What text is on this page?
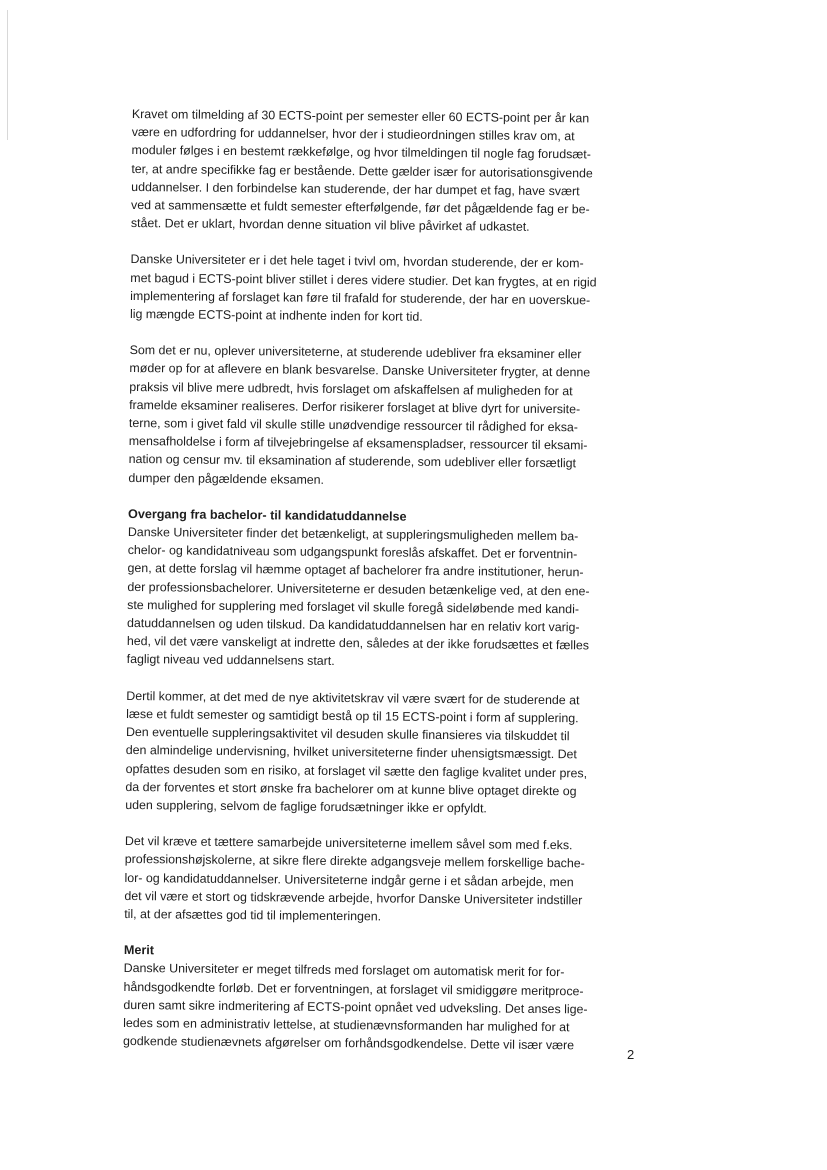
Kravet om tilmelding af 30 ECTS-point per semester eller 60 ECTS-point per år kan
være en udfordring for uddannelser, hvor der i studieordningen stilles krav om, at
moduler følges i en bestemt rækkefølge, og hvor tilmeldingen til nogle fag forudsæt-
ter, at andre specifikke fag er bestående. Dette gælder især for autorisationsgivende
uddannelser. I den forbindelse kan studerende, der har dumpet et fag, have svært
ved at sammensætte et fuldt semester efterfølgende, før det pågældende fag er be-
stået. Det er uklart, hvordan denne situation vil blive påvirket af udkastet.
Danske Universiteter er i det hele taget i tvivl om, hvordan studerende, der er kom-
met bagud i ECTS-point bliver stillet i deres videre studier. Det kan frygtes, at en rigid
implementering af forslaget kan føre til frafald for studerende, der har en uoverskue-
lig mængde ECTS-point at indhente inden for kort tid.
Som det er nu, oplever universiteterne, at studerende udebliver fra eksaminer eller
møder op for at aflevere en blank besvarelse. Danske Universiteter frygter, at denne
praksis vil blive mere udbredt, hvis forslaget om afskaffelsen af muligheden for at
framelde eksaminer realiseres. Derfor risikerer forslaget at blive dyrt for universite-
terne, som i givet fald vil skulle stille unødvendige ressourcer til rådighed for eksa-
mensafholdelse i form af tilvejebringelse af eksamenspladser, ressourcer til eksami-
nation og censur mv. til eksamination af studerende, som udebliver eller forsætligt
dumper den pågældende eksamen.
Overgang fra bachelor- til kandidatuddannelse
Danske Universiteter finder det betænkeligt, at suppleringsmuligheden mellem ba-
chelor- og kandidatniveau som udgangspunkt foreslås afskaffet. Det er forventnin-
gen, at dette forslag vil hæmme optaget af bachelorer fra andre institutioner, herun-
der professionsbachelorer. Universiteterne er desuden betænkelige ved, at den ene-
ste mulighed for supplering med forslaget vil skulle foregå sideløbende med kandi-
datuddannelsen og uden tilskud. Da kandidatuddannelsen har en relativ kort varig-
hed, vil det være vanskeligt at indrette den, således at der ikke forudsættes et fælles
fagligt niveau ved uddannelsens start.
Dertil kommer, at det med de nye aktivitetskrav vil være svært for de studerende at
læse et fuldt semester og samtidigt bestå op til 15 ECTS-point i form af supplering.
Den eventuelle suppleringsaktivitet vil desuden skulle finansieres via tilskuddet til
den almindelige undervisning, hvilket universiteterne finder uhensigtsmæssigt. Det
opfattes desuden som en risiko, at forslaget vil sætte den faglige kvalitet under pres,
da der forventes et stort ønske fra bachelorer om at kunne blive optaget direkte og
uden supplering, selvom de faglige forudsætninger ikke er opfyldt.
Det vil kræve et tættere samarbejde universiteterne imellem såvel som med f.eks.
professionshøjskolerne, at sikre flere direkte adgangsveje mellem forskellige bache-
lor- og kandidatuddannelser. Universiteterne indgår gerne i et sådan arbejde, men
det vil være et stort og tidskrævende arbejde, hvorfor Danske Universiteter indstiller
til, at der afsættes god tid til implementeringen.
Merit
Danske Universiteter er meget tilfreds med forslaget om automatisk merit for for-
håndsgodkendte forløb. Det er forventningen, at forslaget vil smidiggøre meritproce-
duren samt sikre indmeritering af ECTS-point opnået ved udveksling. Det anses lige-
ledes som en administrativ lettelse, at studienævnsformanden har mulighed for at
godkende studienævnets afgørelser om forhåndsgodkendelse. Dette vil især være
2
